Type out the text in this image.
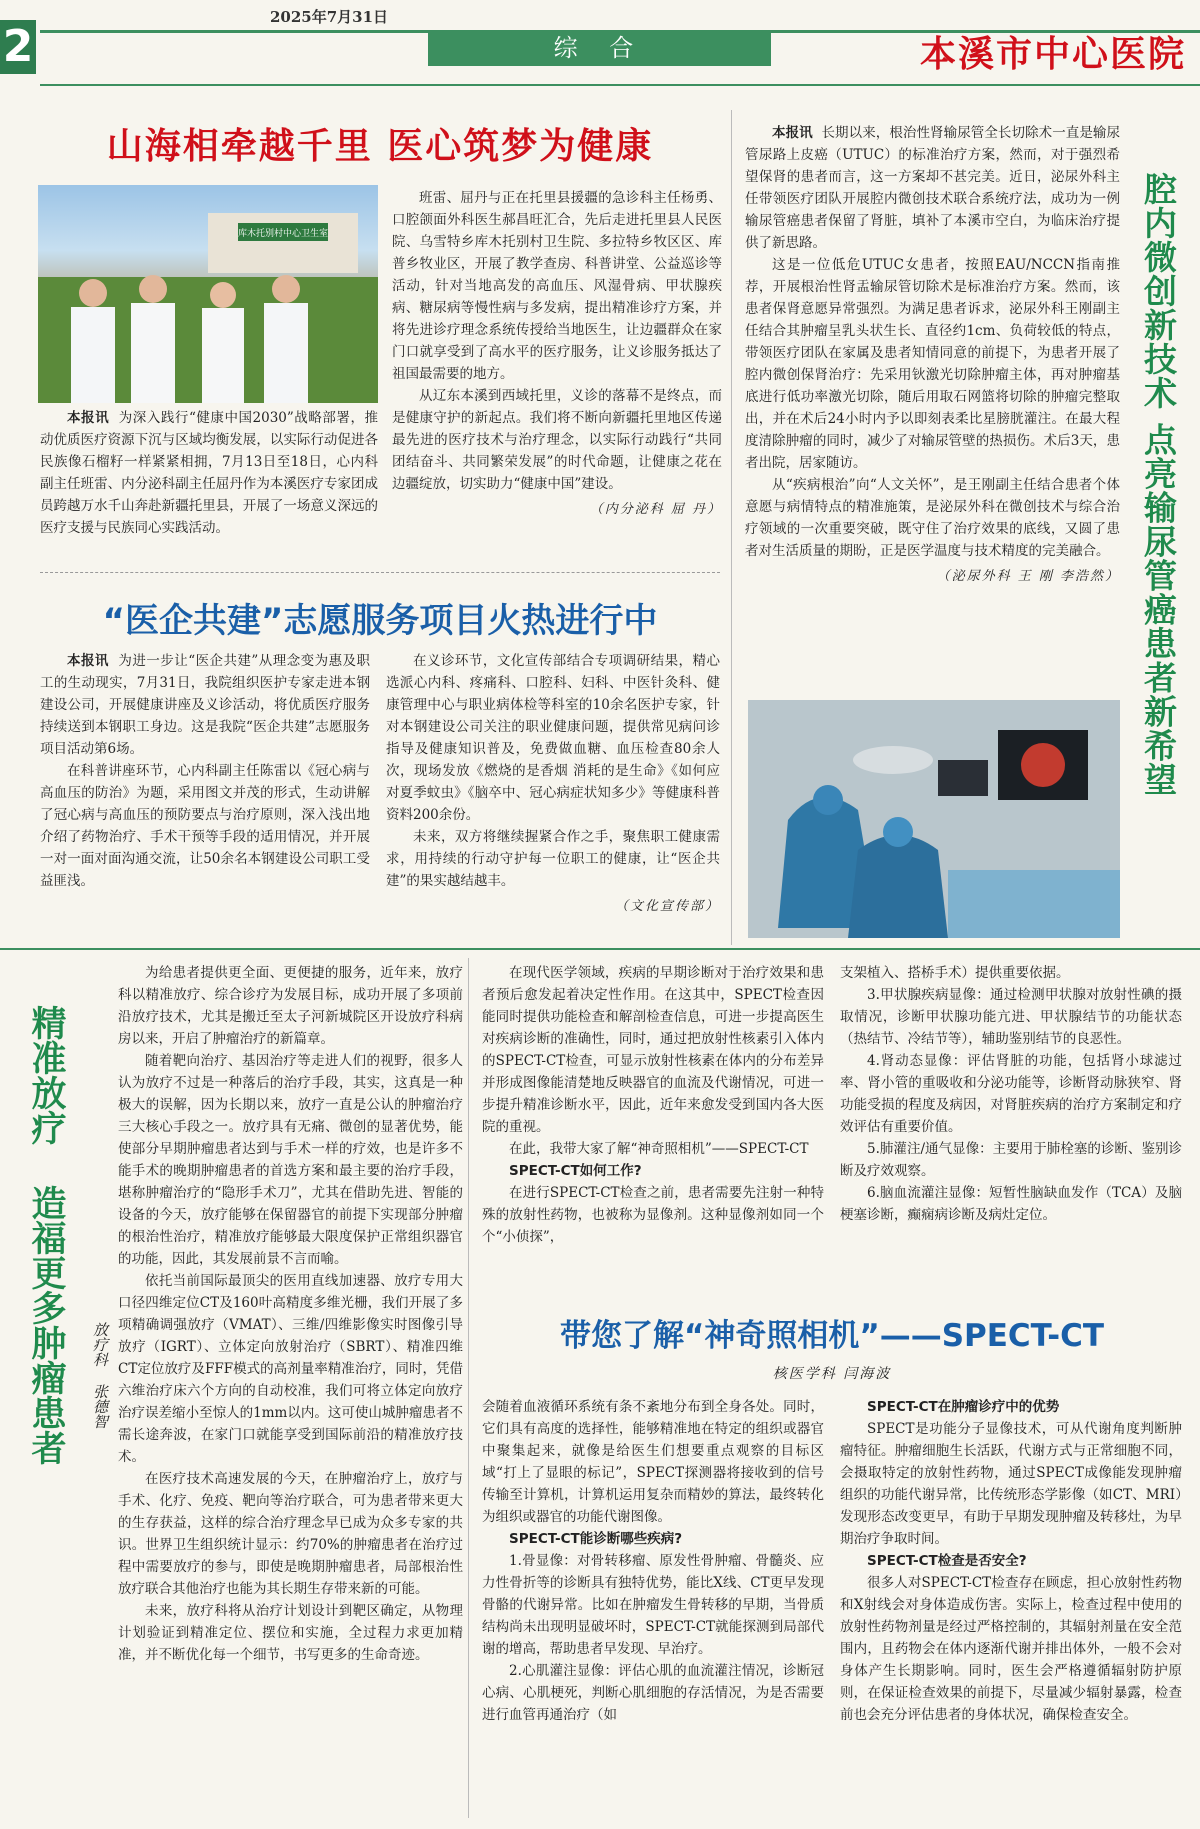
2
2025年7月31日
综 合	本溪市中心医院
山海相牵越千里 医心筑梦为健康
库木托别村中心卫生室

本报讯 为深入践行“健康中国2030”战略部署，推动优质医疗资源下沉与区域均衡发展，以实际行动促进各民族像石榴籽一样紧紧相拥，7月13日至18日，心内科副主任班雷、内分泌科副主任屈丹作为本溪医疗专家团成员跨越万水千山奔赴新疆托里县，开展了一场意义深远的医疗支援与民族同心实践活动。

班雷、屈丹与正在托里县援疆的急诊科主任杨勇、口腔颌面外科医生郝昌旺汇合，先后走进托里县人民医院、乌雪特乡库木托别村卫生院、多拉特乡牧区区、库普乡牧业区，开展了教学查房、科普讲堂、公益巡诊等活动，针对当地高发的高血压、风湿骨病、甲状腺疾病、糖尿病等慢性病与多发病，提出精准诊疗方案，并将先进诊疗理念系统传授给当地医生，让边疆群众在家门口就享受到了高水平的医疗服务，让义诊服务抵达了祖国最需要的地方。

从辽东本溪到西域托里，义诊的落幕不是终点，而是健康守护的新起点。我们将不断向新疆托里地区传递最先进的医疗技术与治疗理念，以实际行动践行“共同团结奋斗、共同繁荣发展”的时代命题，让健康之花在边疆绽放，切实助力“健康中国”建设。

（内分泌科 屈 丹）
“医企共建”志愿服务项目火热进行中

本报讯 为进一步让“医企共建”从理念变为惠及职工的生动现实，7月31日，我院组织医护专家走进本钢建设公司，开展健康讲座及义诊活动，将优质医疗服务持续送到本钢职工身边。这是我院“医企共建”志愿服务项目活动第6场。

在科普讲座环节，心内科副主任陈雷以《冠心病与高血压的防治》为题，采用图文并茂的形式，生动讲解了冠心病与高血压的预防要点与治疗原则，深入浅出地介绍了药物治疗、手术干预等手段的适用情况，并开展一对一面对面沟通交流，让50余名本钢建设公司职工受益匪浅。

在义诊环节，文化宣传部结合专项调研结果，精心选派心内科、疼痛科、口腔科、妇科、中医针灸科、健康管理中心与职业病体检等科室的10余名医护专家，针对本钢建设公司关注的职业健康问题，提供常见病问诊指导及健康知识普及，免费做血糖、血压检查80余人次，现场发放《燃烧的是香烟 消耗的是生命》《如何应对夏季蚊虫》《脑卒中、冠心病症状知多少》等健康科普资料200余份。

未来，双方将继续握紧合作之手，聚焦职工健康需求，用持续的行动守护每一位职工的健康，让“医企共建”的果实越结越丰。

（文化宣传部）

本报讯 长期以来，根治性肾输尿管全长切除术一直是输尿管尿路上皮癌（UTUC）的标准治疗方案，然而，对于强烈希望保肾的患者而言，这一方案却不甚完美。近日，泌尿外科主任带领医疗团队开展腔内微创技术联合系统疗法，成功为一例输尿管癌患者保留了肾脏，填补了本溪市空白，为临床治疗提供了新思路。

这是一位低危UTUC女患者，按照EAU/NCCN指南推荐，开展根治性肾盂输尿管切除术是标准治疗方案。然而，该患者保肾意愿异常强烈。为满足患者诉求，泌尿外科王刚副主任结合其肿瘤呈乳头状生长、直径约1cm、负荷较低的特点，带领医疗团队在家属及患者知情同意的前提下，为患者开展了腔内微创保肾治疗：先采用钬激光切除肿瘤主体，再对肿瘤基底进行低功率激光切除，随后用取石网篮将切除的肿瘤完整取出，并在术后24小时内予以即刻表柔比星膀胱灌注。在最大程度清除肿瘤的同时，减少了对输尿管壁的热损伤。术后3天，患者出院，居家随访。

从“疾病根治”向“人文关怀”，是王刚副主任结合患者个体意愿与病情特点的精准施策，是泌尿外科在微创技术与综合治疗领域的一次重要突破，既守住了治疗效果的底线，又圆了患者对生活质量的期盼，正是医学温度与技术精度的完美融合。

（泌尿外科 王 刚 李浩然）
腔内微创新技术 点亮输尿管癌患者新希望
精准放疗造福更多肿瘤患者
放疗科 张德智

为给患者提供更全面、更便捷的服务，近年来，放疗科以精准放疗、综合诊疗为发展目标，成功开展了多项前沿放疗技术，尤其是搬迁至太子河新城院区开设放疗科病房以来，开启了肿瘤治疗的新篇章。

随着靶向治疗、基因治疗等走进人们的视野，很多人认为放疗不过是一种落后的治疗手段，其实，这真是一种极大的误解，因为长期以来，放疗一直是公认的肿瘤治疗三大核心手段之一。放疗具有无痛、微创的显著优势，能使部分早期肿瘤患者达到与手术一样的疗效，也是许多不能手术的晚期肿瘤患者的首选方案和最主要的治疗手段，堪称肿瘤治疗的“隐形手术刀”，尤其在借助先进、智能的设备的今天，放疗能够在保留器官的前提下实现部分肿瘤的根治性治疗，精准放疗能够最大限度保护正常组织器官的功能，因此，其发展前景不言而喻。

依托当前国际最顶尖的医用直线加速器、放疗专用大口径四维定位CT及160叶高精度多维光栅，我们开展了多项精确调强放疗（VMAT）、三维/四维影像实时图像引导放疗（IGRT）、立体定向放射治疗（SBRT）、精准四维CT定位放疗及FFF模式的高剂量率精准治疗，同时，凭借六维治疗床六个方向的自动校准，我们可将立体定向放疗治疗误差缩小至惊人的1mm以内。这可使山城肿瘤患者不需长途奔波，在家门口就能享受到国际前沿的精准放疗技术。

在医疗技术高速发展的今天，在肿瘤治疗上，放疗与手术、化疗、免疫、靶向等治疗联合，可为患者带来更大的生存获益，这样的综合治疗理念早已成为众多专家的共识。世界卫生组织统计显示：约70%的肿瘤患者在治疗过程中需要放疗的参与，即使是晚期肿瘤患者，局部根治性放疗联合其他治疗也能为其长期生存带来新的可能。

未来，放疗科将从治疗计划设计到靶区确定，从物理计划验证到精准定位、摆位和实施，全过程力求更加精准，并不断优化每一个细节，书写更多的生命奇迹。

在现代医学领域，疾病的早期诊断对于治疗效果和患者预后愈发起着决定性作用。在这其中，SPECT检查因能同时提供功能检查和解剖检查信息，可进一步提高医生对疾病诊断的准确性，同时，通过把放射性核素引入体内的SPECT-CT检查，可显示放射性核素在体内的分布差异并形成图像能清楚地反映器官的血流及代谢情况，可进一步提升精准诊断水平，因此，近年来愈发受到国内各大医院的重视。

在此，我带大家了解“神奇照相机”——SPECT-CT

SPECT-CT如何工作?

在进行SPECT-CT检查之前，患者需要先注射一种特殊的放射性药物，也被称为显像剂。这种显像剂如同一个个“小侦探”，

支架植入、搭桥手术）提供重要依据。

3.甲状腺疾病显像：通过检测甲状腺对放射性碘的摄取情况，诊断甲状腺功能亢进、甲状腺结节的功能状态（热结节、冷结节等），辅助鉴别结节的良恶性。

4.肾动态显像：评估肾脏的功能，包括肾小球滤过率、肾小管的重吸收和分泌功能等，诊断肾动脉狭窄、肾功能受损的程度及病因，对肾脏疾病的治疗方案制定和疗效评估有重要价值。

5.肺灌注/通气显像：主要用于肺栓塞的诊断、鉴别诊断及疗效观察。

6.脑血流灌注显像：短暂性脑缺血发作（TCA）及脑梗塞诊断，癫痫病诊断及病灶定位。

带您了解“神奇照相机”——SPECT-CT
核医学科 闫海波

会随着血液循环系统有条不紊地分布到全身各处。同时，它们具有高度的选择性，能够精准地在特定的组织或器官中聚集起来，就像是给医生们想要重点观察的目标区域“打上了显眼的标记”，SPECT探测器将接收到的信号传输至计算机，计算机运用复杂而精妙的算法，最终转化为组织或器官的功能代谢图像。

SPECT-CT能诊断哪些疾病?

1.骨显像：对骨转移瘤、原发性骨肿瘤、骨髓炎、应力性骨折等的诊断具有独特优势，能比X线、CT更早发现骨骼的代谢异常。比如在肿瘤发生骨转移的早期，当骨质结构尚未出现明显破坏时，SPECT-CT就能探测到局部代谢的增高，帮助患者早发现、早治疗。

2.心肌灌注显像：评估心肌的血流灌注情况，诊断冠心病、心肌梗死，判断心肌细胞的存活情况，为是否需要进行血管再通治疗（如

SPECT-CT在肿瘤诊疗中的优势

SPECT是功能分子显像技术，可从代谢角度判断肿瘤特征。肿瘤细胞生长活跃，代谢方式与正常细胞不同，会摄取特定的放射性药物，通过SPECT成像能发现肿瘤组织的功能代谢异常，比传统形态学影像（如CT、MRI）发现形态改变更早，有助于早期发现肿瘤及转移灶，为早期治疗争取时间。

SPECT-CT检查是否安全?

很多人对SPECT-CT检查存在顾虑，担心放射性药物和X射线会对身体造成伤害。实际上，检查过程中使用的放射性药物剂量是经过严格控制的，其辐射剂量在安全范围内，且药物会在体内逐渐代谢并排出体外，一般不会对身体产生长期影响。同时，医生会严格遵循辐射防护原则，在保证检查效果的前提下，尽量减少辐射暴露，检查前也会充分评估患者的身体状况，确保检查安全。
